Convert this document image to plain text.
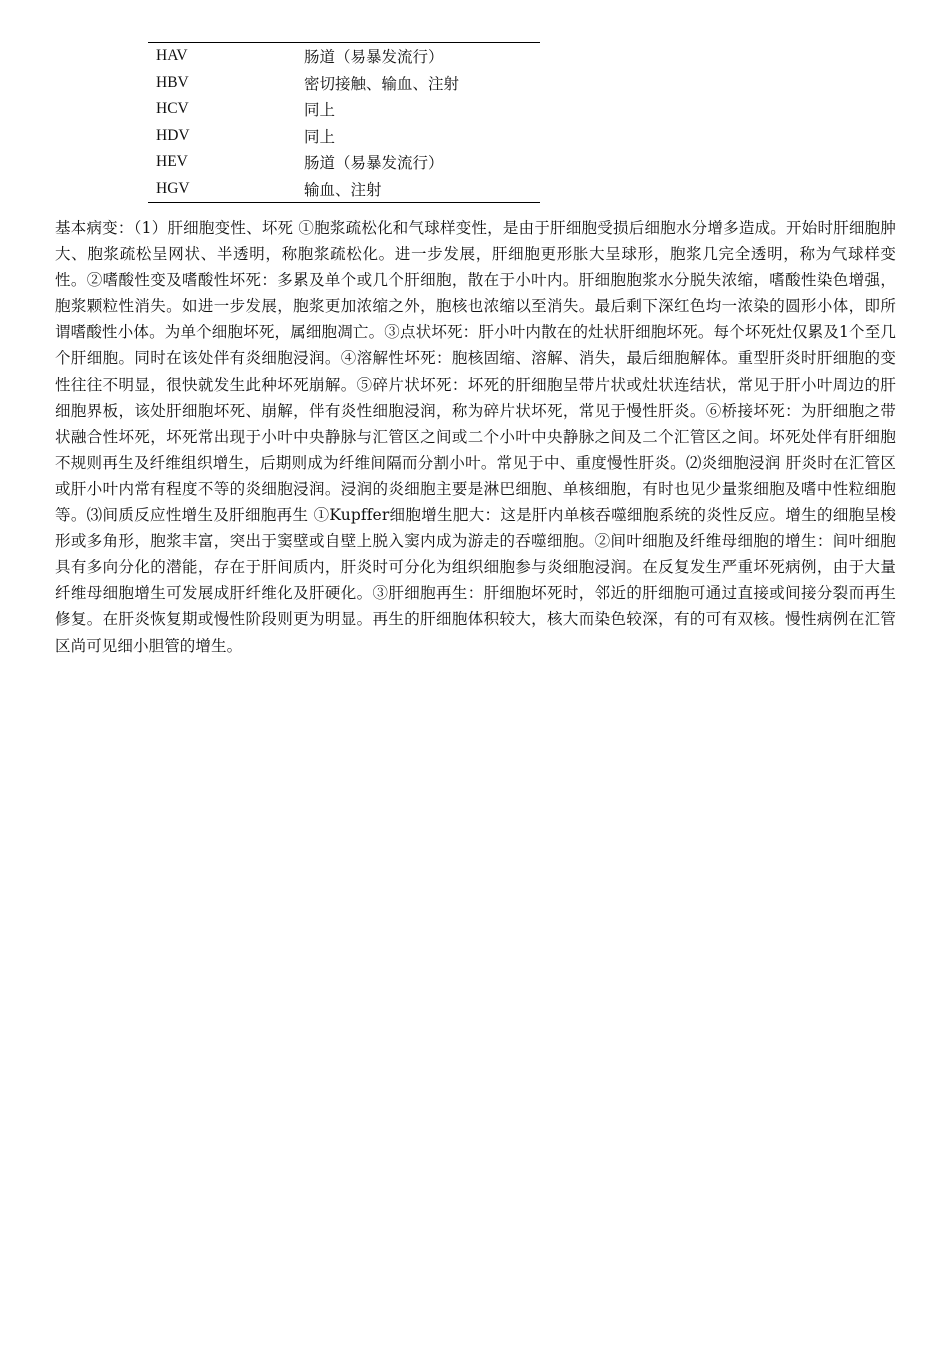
HAV	肠道（易暴发流行）
HBV	密切接触、输血、注射
HCV	同上
HDV	同上
HEV	肠道（易暴发流行）
HGV	输血、注射

基本病变：（1）肝细胞变性、坏死 ①胞浆疏松化和气球样变性，是由于肝细胞受损后细胞水分增多造成。开始时肝细胞肿大、胞浆疏松呈网状、半透明，称胞浆疏松化。进一步发展，肝细胞更形胀大呈球形，胞浆几完全透明，称为气球样变性。②嗜酸性变及嗜酸性坏死：多累及单个或几个肝细胞，散在于小叶内。肝细胞胞浆水分脱失浓缩，嗜酸性染色增强，胞浆颗粒性消失。如进一步发展，胞浆更加浓缩之外，胞核也浓缩以至消失。最后剩下深红色均一浓染的圆形小体，即所谓嗜酸性小体。为单个细胞坏死，属细胞凋亡。③点状坏死：肝小叶内散在的灶状肝细胞坏死。每个坏死灶仅累及1个至几个肝细胞。同时在该处伴有炎细胞浸润。④溶解性坏死：胞核固缩、溶解、消失，最后细胞解体。重型肝炎时肝细胞的变性往往不明显，很快就发生此种坏死崩解。⑤碎片状坏死：坏死的肝细胞呈带片状或灶状连结状，常见于肝小叶周边的肝细胞界板，该处肝细胞坏死、崩解，伴有炎性细胞浸润，称为碎片状坏死，常见于慢性肝炎。⑥桥接坏死：为肝细胞之带状融合性坏死，坏死常出现于小叶中央静脉与汇管区之间或二个小叶中央静脉之间及二个汇管区之间。坏死处伴有肝细胞不规则再生及纤维组织增生，后期则成为纤维间隔而分割小叶。常见于中、重度慢性肝炎。⑵炎细胞浸润 肝炎时在汇管区或肝小叶内常有程度不等的炎细胞浸润。浸润的炎细胞主要是淋巴细胞、单核细胞，有时也见少量浆细胞及嗜中性粒细胞等。⑶间质反应性增生及肝细胞再生 ①Kupffer细胞增生肥大：这是肝内单核吞噬细胞系统的炎性反应。增生的细胞呈梭形或多角形，胞浆丰富，突出于窦壁或自壁上脱入窦内成为游走的吞噬细胞。②间叶细胞及纤维母细胞的增生：间叶细胞具有多向分化的潜能，存在于肝间质内，肝炎时可分化为组织细胞参与炎细胞浸润。在反复发生严重坏死病例，由于大量纤维母细胞增生可发展成肝纤维化及肝硬化。③肝细胞再生：肝细胞坏死时，邻近的肝细胞可通过直接或间接分裂而再生修复。在肝炎恢复期或慢性阶段则更为明显。再生的肝细胞体积较大，核大而染色较深，有的可有双核。慢性病例在汇管区尚可见细小胆管的增生。
